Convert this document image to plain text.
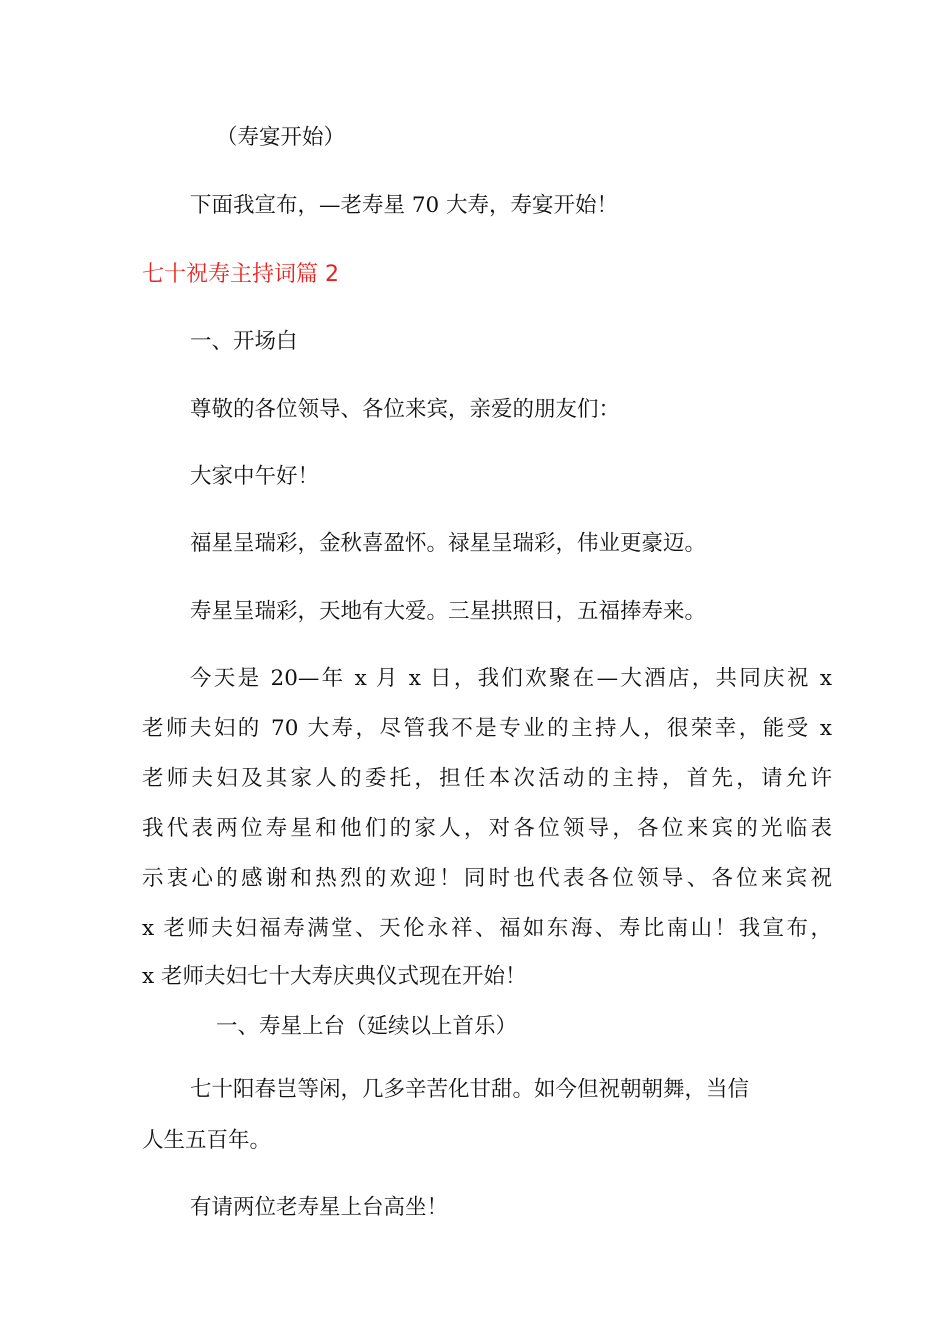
（寿宴开始）
下面我宣布，—老寿星 70 大寿，寿宴开始！
七十祝寿主持词篇 2
一、开场白
尊敬的各位领导、各位来宾，亲爱的朋友们：
大家中午好！
福星呈瑞彩，金秋喜盈怀。禄星呈瑞彩，伟业更豪迈。
寿星呈瑞彩，天地有大爱。三星拱照日，五福捧寿来。
今天是 20—年 x 月 x 日，我们欢聚在—大酒店，共同庆祝 x
老师夫妇的 70 大寿，尽管我不是专业的主持人，很荣幸，能受 x
老师夫妇及其家人的委托，担任本次活动的主持，首先，请允许
我代表两位寿星和他们的家人，对各位领导，各位来宾的光临表
示衷心的感谢和热烈的欢迎！同时也代表各位领导、各位来宾祝
x 老师夫妇福寿满堂、天伦永祥、福如东海、寿比南山！我宣布，
x 老师夫妇七十大寿庆典仪式现在开始！
一、寿星上台（延续以上首乐）
七十阳春岂等闲，几多辛苦化甘甜。如今但祝朝朝舞，当信
人生五百年。
有请两位老寿星上台高坐！
